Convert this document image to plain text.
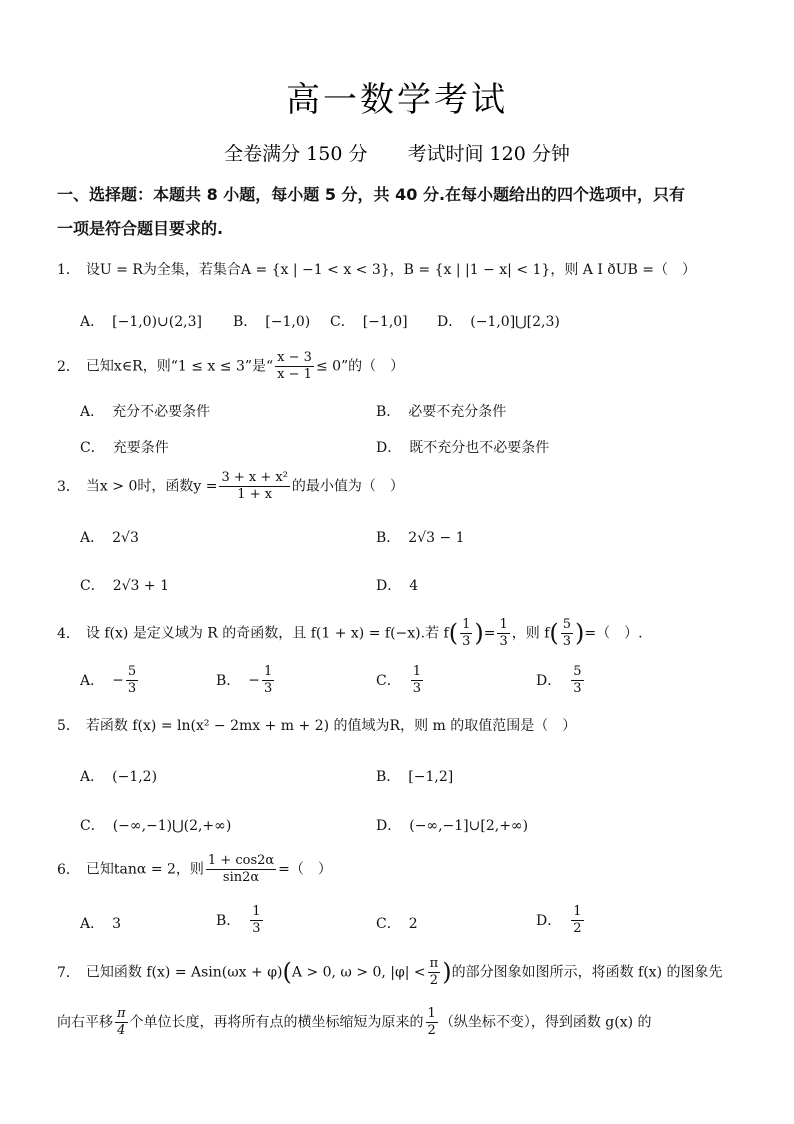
高一数学考试
全卷满分 150 分 考试时间 120 分钟
一、选择题：本题共 8 小题，每小题 5 分，共 40 分.在每小题给出的四个选项中，只有
一项是符合题目要求的.
1． 设U = R为全集，若集合A = {x | −1 < x < 3}，B = {x | |1 − x| < 1}，则 A I ðUB =（　）
A． [−1,0)∪(2,3] B． [−1,0) C． [−1,0] D． (−1,0]⋃[2,3)
2． 已知x∈R，则“1 ≤ x ≤ 3”是“ $\frac{x - 3}{x - 1} \le 0$”的（　）
A． 充分不必要条件	B． 必要不充分条件
C． 充要条件	D． 既不充分也不必要条件
3． 当x > 0时，函数$y = \frac{\text{3 + x + x²}}{1 + x}$ 的最小值为（　）
A． 2√3	B． 2√3 − 1
C． 2√3 + 1	D． 4
4． 设 f(x) 是定义域为 R 的奇函数，且 f(1 + x) = f(−x).若 $f( \frac{1}{3}$ )= $\frac{1}{3}$ ，则 $f( \frac{5}{3}$ )=（　）.
A． − $\frac{5}{3}$	B． − $\frac{1}{3}$	C． $\frac{1}{3}$	D． $\frac{5}{3}$
5． 若函数 f(x) = ln(x² − 2mx + m + 2) 的值域为R，则 m 的取值范围是（　）
A． (−1,2)	B． [−1,2]
C． (−∞,−1)⋃(2,+∞)	D． (−∞,−1]∪[2,+∞)
6． 已知tanα = 2，则 $\frac{1 + \cos 2\alpha}{\sin 2\alpha}$ =（　）
A． 3	B． $\frac{1}{3}$	C． 2	D． $\frac{1}{2}$
7． 已知函数 f(x) = Asin(ωx + φ)(A > 0, ω > 0, $|\varphi| < \frac{\pi}{2}$ )的部分图象如图所示，将函数 f(x) 的图象先
向右平移 $\frac{\pi}{4}$ 个单位长度，再将所有点的横坐标缩短为原来的 $\frac{1}{2}$ （纵坐标不变），得到函数 g(x) 的
